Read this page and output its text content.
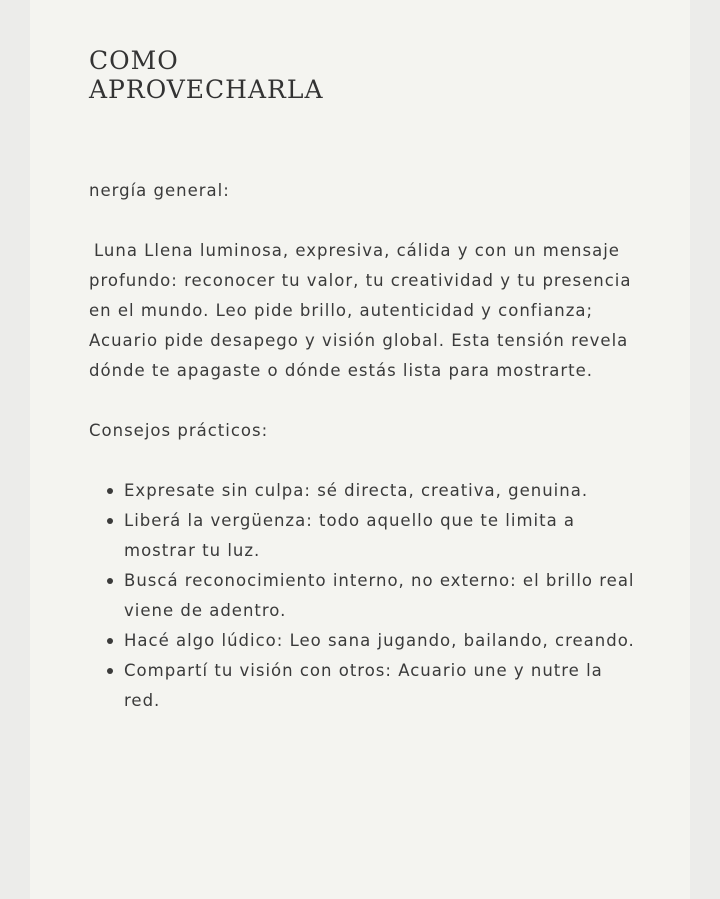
COMO
APROVECHARLA

nergía general:

Luna Llena luminosa, expresiva, cálida y con un mensaje profundo: reconocer tu valor, tu creatividad y tu presencia en el mundo. Leo pide brillo, autenticidad y confianza; Acuario pide desapego y visión global. Esta tensión revela dónde te apagaste o dónde estás lista para mostrarte.

Consejos prácticos:

Expresate sin culpa: sé directa, creativa, genuina.
Liberá la vergüenza: todo aquello que te limita a mostrar tu luz.
Buscá reconocimiento interno, no externo: el brillo real viene de adentro.
Hacé algo lúdico: Leo sana jugando, bailando, creando.
Compartí tu visión con otros: Acuario une y nutre la red.
